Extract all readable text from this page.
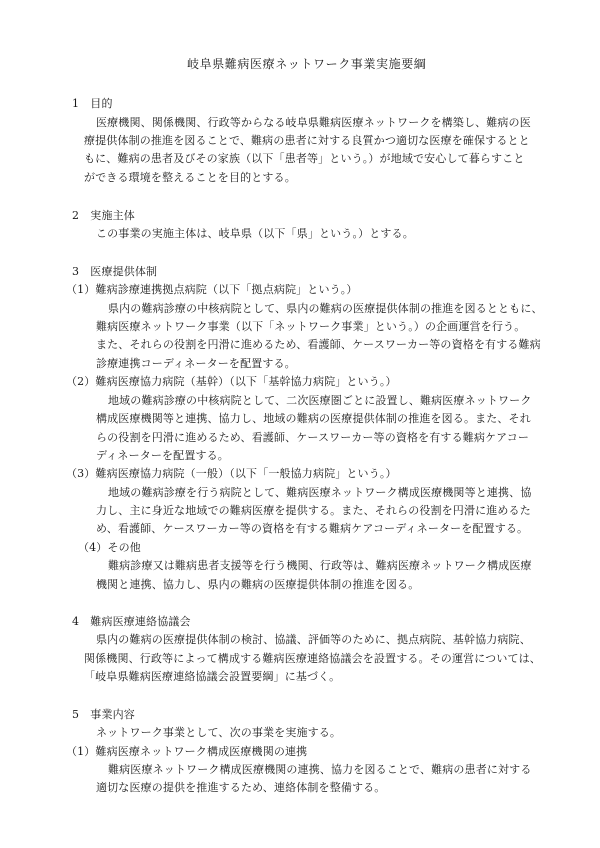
岐阜県難病医療ネットワーク事業実施要綱
1　目的
医療機関、関係機関、行政等からなる岐阜県難病医療ネットワークを構築し、難病の医
療提供体制の推進を図ることで、難病の患者に対する良質かつ適切な医療を確保するとと
もに、難病の患者及びその家族（以下「患者等」という。）が地域で安心して暮らすこと
ができる環境を整えることを目的とする。
2　実施主体
この事業の実施主体は、岐阜県（以下「県」という。）とする。
3　医療提供体制
（1）難病診療連携拠点病院（以下「拠点病院」という。）
県内の難病診療の中核病院として、県内の難病の医療提供体制の推進を図るとともに、
難病医療ネットワーク事業（以下「ネットワーク事業」という。）の企画運営を行う。
また、それらの役割を円滑に進めるため、看護師、ケースワーカー等の資格を有する難病
診療連携コーディネーターを配置する。
（2）難病医療協力病院（基幹）（以下「基幹協力病院」という。）
地域の難病診療の中核病院として、二次医療圏ごとに設置し、難病医療ネットワーク
構成医療機関等と連携、協力し、地域の難病の医療提供体制の推進を図る。また、それ
らの役割を円滑に進めるため、看護師、ケースワーカー等の資格を有する難病ケアコー
ディネーターを配置する。
（3）難病医療協力病院（一般）（以下「一般協力病院」という。）
地域の難病診療を行う病院として、難病医療ネットワーク構成医療機関等と連携、協
力し、主に身近な地域での難病医療を提供する。また、それらの役割を円滑に進めるた
め、看護師、ケースワーカー等の資格を有する難病ケアコーディネーターを配置する。
（4）その他
難病診療又は難病患者支援等を行う機関、行政等は、難病医療ネットワーク構成医療
機関と連携、協力し、県内の難病の医療提供体制の推進を図る。
4　難病医療連絡協議会
県内の難病の医療提供体制の検討、協議、評価等のために、拠点病院、基幹協力病院、
関係機関、行政等によって構成する難病医療連絡協議会を設置する。その運営については、
「岐阜県難病医療連絡協議会設置要綱」に基づく。
5　事業内容
ネットワーク事業として、次の事業を実施する。
（1）難病医療ネットワーク構成医療機関の連携
難病医療ネットワーク構成医療機関の連携、協力を図ることで、難病の患者に対する
適切な医療の提供を推進するため、連絡体制を整備する。
